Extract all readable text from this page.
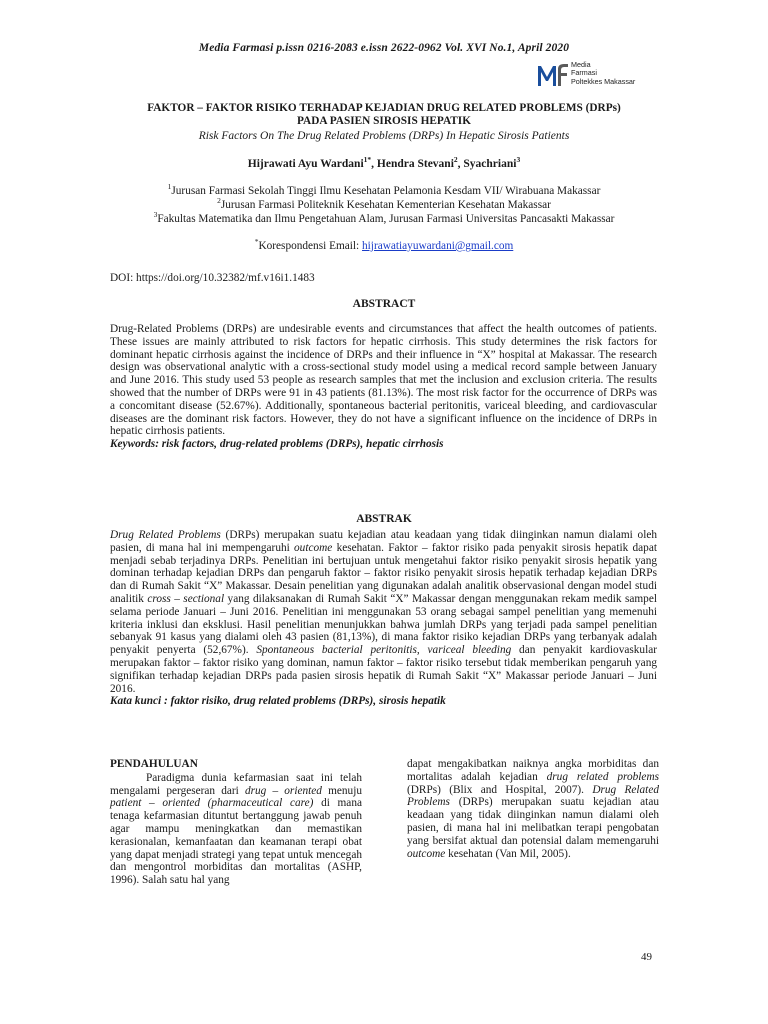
Media Farmasi p.issn 0216-2083 e.issn 2622-0962 Vol. XVI No.1, April 2020
Media
Farmasi
Poltekkes Makassar
FAKTOR – FAKTOR RISIKO TERHADAP KEJADIAN DRUG RELATED PROBLEMS (DRPs)
PADA PASIEN SIROSIS HEPATIK
Risk Factors On The Drug Related Problems (DRPs) In Hepatic Sirosis Patients
Hijrawati Ayu Wardani$^{1*}$, Hendra Stevani$^2$, Syachriani$^3$
$^1$Jurusan Farmasi Sekolah Tinggi Ilmu Kesehatan Pelamonia Kesdam VII/ Wirabuana Makassar
$^2$Jurusan Farmasi Politeknik Kesehatan Kementerian Kesehatan Makassar
$^3$Fakultas Matematika dan Ilmu Pengetahuan Alam, Jurusan Farmasi Universitas Pancasakti Makassar
*Korespondensi Email: hijrawatiayuwardani@gmail.com
DOI: https://doi.org/10.32382/mf.v16i1.1483
ABSTRACT

Drug-Related Problems (DRPs) are undesirable events and circumstances that affect the health outcomes of patients. These issues are mainly attributed to risk factors for hepatic cirrhosis. This study determines the risk factors for dominant hepatic cirrhosis against the incidence of DRPs and their influence in “X” hospital at Makassar. The research design was observational analytic with a cross-sectional study model using a medical record sample between January and June 2016. This study used 53 people as research samples that met the inclusion and exclusion criteria. The results showed that the number of DRPs were 91 in 43 patients (81.13%). The most risk factor for the occurrence of DRPs was a concomitant disease (52.67%). Additionally, spontaneous bacterial peritonitis, variceal bleeding, and cardiovascular diseases are the dominant risk factors. However, they do not have a significant influence on the incidence of DRPs in hepatic cirrhosis patients.

Keywords: risk factors, drug-related problems (DRPs), hepatic cirrhosis

ABSTRAK

Drug Related Problems (DRPs) merupakan suatu kejadian atau keadaan yang tidak diinginkan namun dialami oleh pasien, di mana hal ini mempengaruhi outcome kesehatan. Faktor – faktor risiko pada penyakit sirosis hepatik dapat menjadi sebab terjadinya DRPs. Penelitian ini bertujuan untuk mengetahui faktor risiko penyakit sirosis hepatik yang dominan terhadap kejadian DRPs dan pengaruh faktor – faktor risiko penyakit sirosis hepatik terhadap kejadian DRPs dan di Rumah Sakit “X” Makassar. Desain penelitian yang digunakan adalah analitik observasional dengan model studi analitik cross – sectional yang dilaksanakan di Rumah Sakit “X” Makassar dengan menggunakan rekam medik sampel selama periode Januari – Juni 2016. Penelitian ini menggunakan 53 orang sebagai sampel penelitian yang memenuhi kriteria inklusi dan eksklusi. Hasil penelitian menunjukkan bahwa jumlah DRPs yang terjadi pada sampel penelitian sebanyak 91 kasus yang dialami oleh 43 pasien (81,13%), di mana faktor risiko kejadian DRPs yang terbanyak adalah penyakit penyerta (52,67%). Spontaneous bacterial peritonitis, variceal bleeding dan penyakit kardiovaskular merupakan faktor – faktor risiko yang dominan, namun faktor – faktor risiko tersebut tidak memberikan pengaruh yang signifikan terhadap kejadian DRPs pada pasien sirosis hepatik di Rumah Sakit “X” Makassar periode Januari – Juni 2016.

Kata kunci : faktor risiko, drug related problems (DRPs), sirosis hepatik

PENDAHULUAN

Paradigma dunia kefarmasian saat ini telah mengalami pergeseran dari drug – oriented menuju patient – oriented (pharmaceutical care) di mana tenaga kefarmasian dituntut bertanggung jawab penuh agar mampu meningkatkan dan memastikan kerasionalan, kemanfaatan dan keamanan terapi obat yang dapat menjadi strategi yang tepat untuk mencegah dan mengontrol morbiditas dan mortalitas (ASHP, 1996). Salah satu hal yang

dapat mengakibatkan naiknya angka morbiditas dan mortalitas adalah kejadian drug related problems (DRPs) (Blix and Hospital, 2007). Drug Related Problems (DRPs) merupakan suatu kejadian atau keadaan yang tidak diinginkan namun dialami oleh pasien, di mana hal ini melibatkan terapi pengobatan yang bersifat aktual dan potensial dalam memengaruhi outcome kesehatan (Van Mil, 2005).

49
